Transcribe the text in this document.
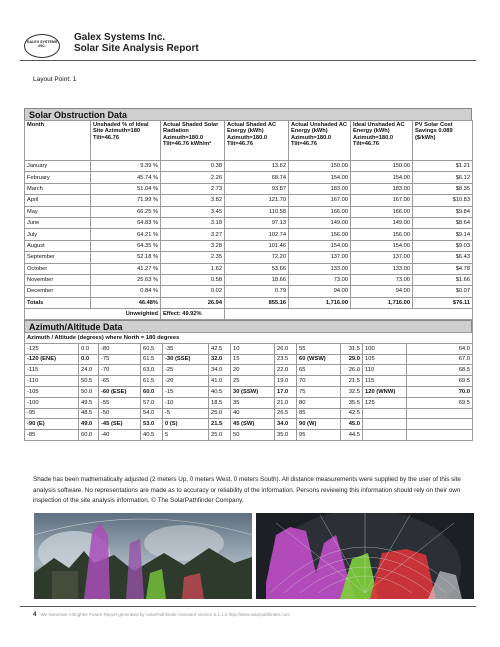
GALEX SYSTEMS INC.
Galex Systems Inc.
Solar Site Analysis Report
Layout Point: 1
Solar Obstruction Data
Month	Unshaded % of Ideal Site Azimuth=180 Tilt=46.76	Actual Shaded Solar Radiation Azimuth=180.0 Tilt=46.76 kWh/m²	Actual Shaded AC Energy (kWh) Azimuth=180.0 Tilt=46.76	Actual Unshaded AC Energy (kWh) Azimuth=180.0 Tilt=46.76	Ideal Unshaded AC Energy (kWh) Azimuth=180.0 Tilt=46.76	PV Solar Cost Savings 0.089 ($/kWh)
January	9.39 %	0.38	13.62	150.00	150.00	$1.21
February	45.74 %	2.26	68.74	154.00	154.00	$6.12
March	51.04 %	2.73	93.87	183.00	183.00	$8.35
April	71.99 %	3.82	121.70	167.00	167.00	$10.83
May	66.25 %	3.45	110.58	166.00	166.00	$9.84
June	64.83 %	3.18	97.13	149.00	149.00	$8.64
July	64.21 %	3.27	102.74	156.00	156.00	$9.14
August	64.35 %	3.28	101.46	154.00	154.00	$9.03
September	52.18 %	2.35	72.20	137.00	137.00	$6.43
October	41.27 %	1.62	53.66	133.00	133.00	$4.78
November	25.63 %	0.58	18.66	73.00	73.00	$1.66
December	0.84 %	0.02	0.79	94.00	94.00	$0.07
Totals	46.48%	26.94	855.16	1,716.00	1,716.00	$76.11
Unweighted		Effect: 49.92%				

Azimuth/Altitude Data
Azimuth / Altitude (degrees) where North = 180 degrees											
-125	0.0	-80	60.5	-35	42.5	10	26.0	55	31.5	100	64.0
-120 (ENE)	0.0	-75	61.5	-30 (SSE)	32.0	15	23.5	60 (WSW)	29.0	105	67.0
-115	24.0	-70	63.0	-25	34.0	20	22.0	65	26.0	110	68.5
-110	50.5	-65	61.5	-20	41.0	25	19.0	70	21.5	115	69.5
-105	50.0	-60 (ESE)	60.0	-15	40.5	30 (SSW)	17.0	75	32.5	120 (WNW)	70.0
-100	49.5	-55	57.0	-10	18.5	35	21.0	80	35.5	125	69.5
-95	48.5	-50	54.0	-5	25.0	40	26.5	85	42.5		
-90 (E)	49.0	-45 (SE)	53.0	0 (S)	21.5	45 (SW)	34.0	90 (W)	45.0		
-85	60.0	-40	40.5	5	25.0	50	35.0	95	44.5		
Shade has been mathematically adjusted (2 meters Up, 0 meters West, 0 meters South). All distance measurements were supplied by the user of this site analysis software. No representations are made as to accuracy or reliability of the information. Persons reviewing this information should rely on their own inspection of the site analysis information. © The SolarPathfinder Company.
4 We Generate A Brighter Future Report generated by SolarPathfinder Assistant Version 5.1.1.0 http://www.solarpathfinder.com
